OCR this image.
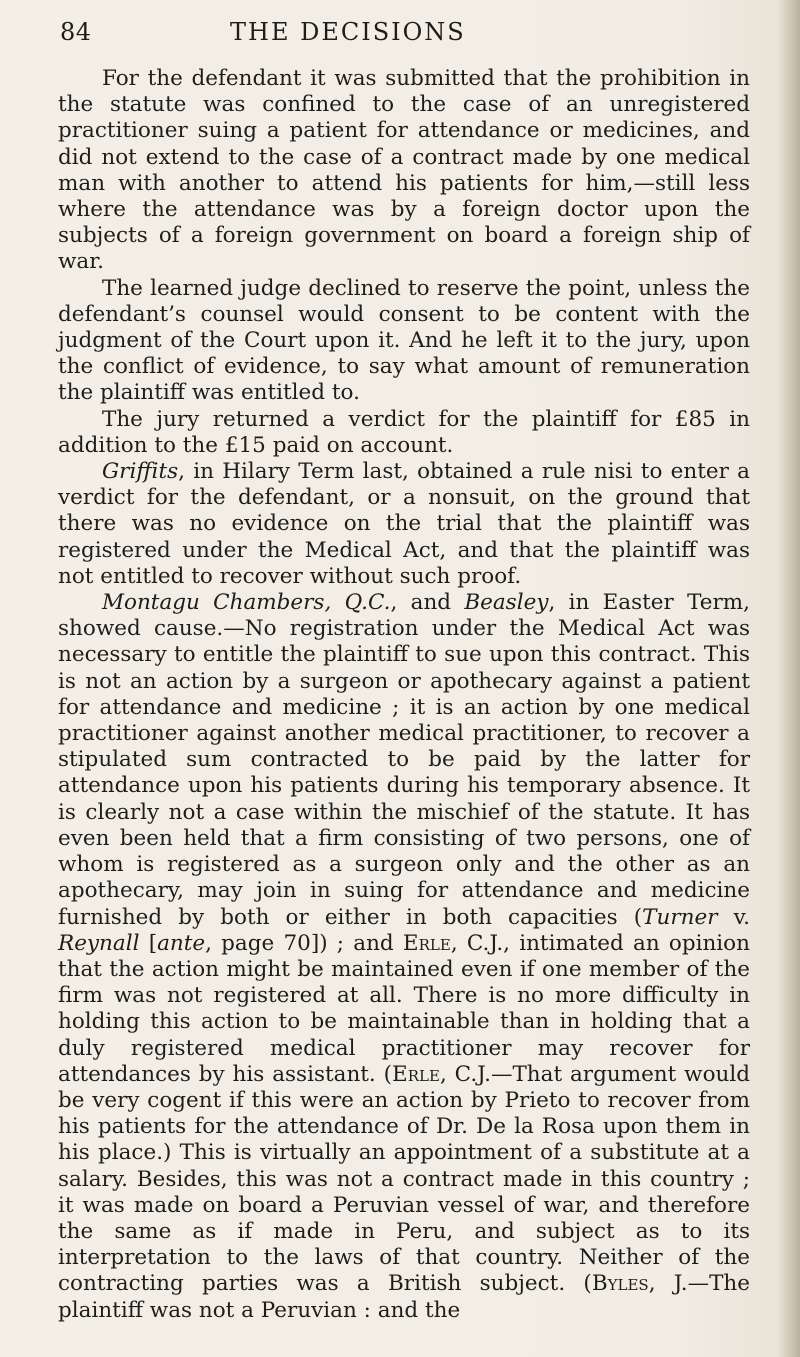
84	THE DECISIONS

For the defendant it was submitted that the prohibition in the statute was confined to the case of an unregistered practitioner suing a patient for attendance or medicines, and did not extend to the case of a contract made by one medical man with another to attend his patients for him,—still less where the attendance was by a foreign doctor upon the subjects of a foreign government on board a foreign ship of war.

The learned judge declined to reserve the point, unless the defendant’s counsel would consent to be content with the judgment of the Court upon it. And he left it to the jury, upon the conflict of evidence, to say what amount of remuneration the plaintiff was entitled to.

The jury returned a verdict for the plaintiff for £85 in addition to the £15 paid on account.

Griffits, in Hilary Term last, obtained a rule nisi to enter a verdict for the defendant, or a nonsuit, on the ground that there was no evidence on the trial that the plaintiff was registered under the Medical Act, and that the plaintiff was not entitled to recover without such proof.

Montagu Chambers, Q.C., and Beasley, in Easter Term, showed cause.—No registration under the Medical Act was necessary to entitle the plaintiff to sue upon this contract. This is not an action by a surgeon or apothecary against a patient for attendance and medicine ; it is an action by one medical practitioner against another medical practitioner, to recover a stipulated sum contracted to be paid by the latter for attendance upon his patients during his temporary absence. It is clearly not a case within the mischief of the statute. It has even been held that a firm consisting of two persons, one of whom is registered as a surgeon only and the other as an apothecary, may join in suing for attendance and medicine furnished by both or either in both capacities (Turner v. Reynall [ante, page 70]) ; and Erle, C.J., intimated an opinion that the action might be maintained even if one member of the firm was not registered at all. There is no more difficulty in holding this action to be maintainable than in holding that a duly registered medical practitioner may recover for attendances by his assistant. (Erle, C.J.—That argument would be very cogent if this were an action by Prieto to recover from his patients for the attendance of Dr. De la Rosa upon them in his place.) This is virtually an appointment of a substitute at a salary. Besides, this was not a contract made in this country ; it was made on board a Peruvian vessel of war, and therefore the same as if made in Peru, and subject as to its interpretation to the laws of that country. Neither of the contracting parties was a British subject. (Byles, J.—The plaintiff was not a Peruvian : and the
